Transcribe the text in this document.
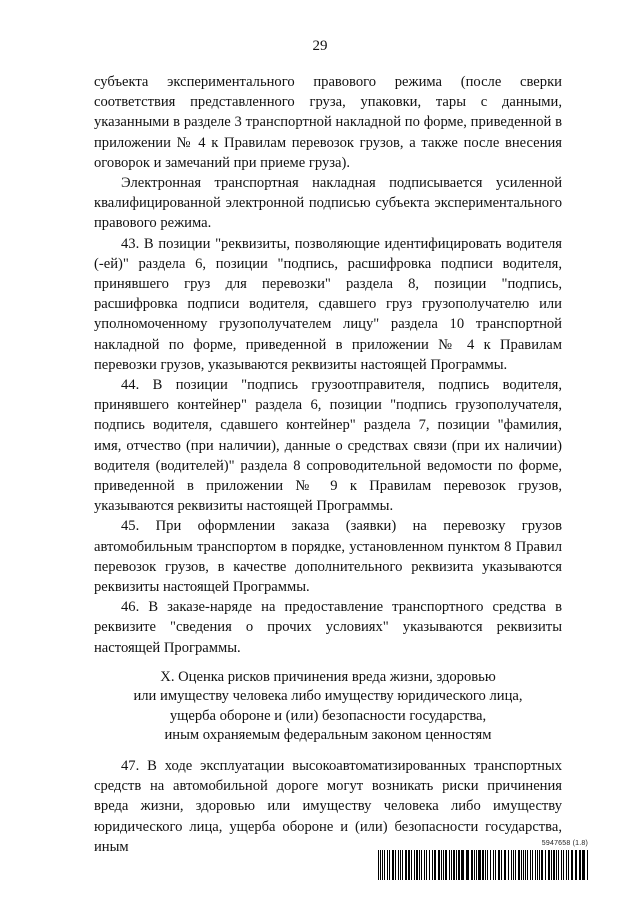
29

субъекта экспериментального правового режима (после сверки соответствия представленного груза, упаковки, тары с данными, указанными в разделе 3 транспортной накладной по форме, приведенной в приложении № 4 к Правилам перевозок грузов, а также после внесения оговорок и замечаний при приеме груза).

Электронная транспортная накладная подписывается усиленной квалифицированной электронной подписью субъекта экспериментального правового режима.

43. В позиции "реквизиты, позволяющие идентифицировать водителя (-ей)" раздела 6, позиции "подпись, расшифровка подписи водителя, принявшего груз для перевозки" раздела 8, позиции "подпись, расшифровка подписи водителя, сдавшего груз грузополучателю или уполномоченному грузополучателем лицу" раздела 10 транспортной накладной по форме, приведенной в приложении № 4 к Правилам перевозки грузов, указываются реквизиты настоящей Программы.

44. В позиции "подпись грузоотправителя, подпись водителя, принявшего контейнер" раздела 6, позиции "подпись грузополучателя, подпись водителя, сдавшего контейнер" раздела 7, позиции "фамилия, имя, отчество (при наличии), данные о средствах связи (при их наличии) водителя (водителей)" раздела 8 сопроводительной ведомости по форме, приведенной в приложении № 9 к Правилам перевозок грузов, указываются реквизиты настоящей Программы.

45. При оформлении заказа (заявки) на перевозку грузов автомобильным транспортом в порядке, установленном пунктом 8 Правил перевозок грузов, в качестве дополнительного реквизита указываются реквизиты настоящей Программы.

46. В заказе-наряде на предоставление транспортного средства в реквизите "сведения о прочих условиях" указываются реквизиты настоящей Программы.

X. Оценка рисков причинения вреда жизни, здоровью
или имуществу человека либо имуществу юридического лица,
ущерба обороне и (или) безопасности государства,
иным охраняемым федеральным законом ценностям

47. В ходе эксплуатации высокоавтоматизированных транспортных средств на автомобильной дороге могут возникать риски причинения вреда жизни, здоровью или имуществу человека либо имуществу юридического лица, ущерба обороне и (или) безопасности государства, иным	5947658 (1.8)
